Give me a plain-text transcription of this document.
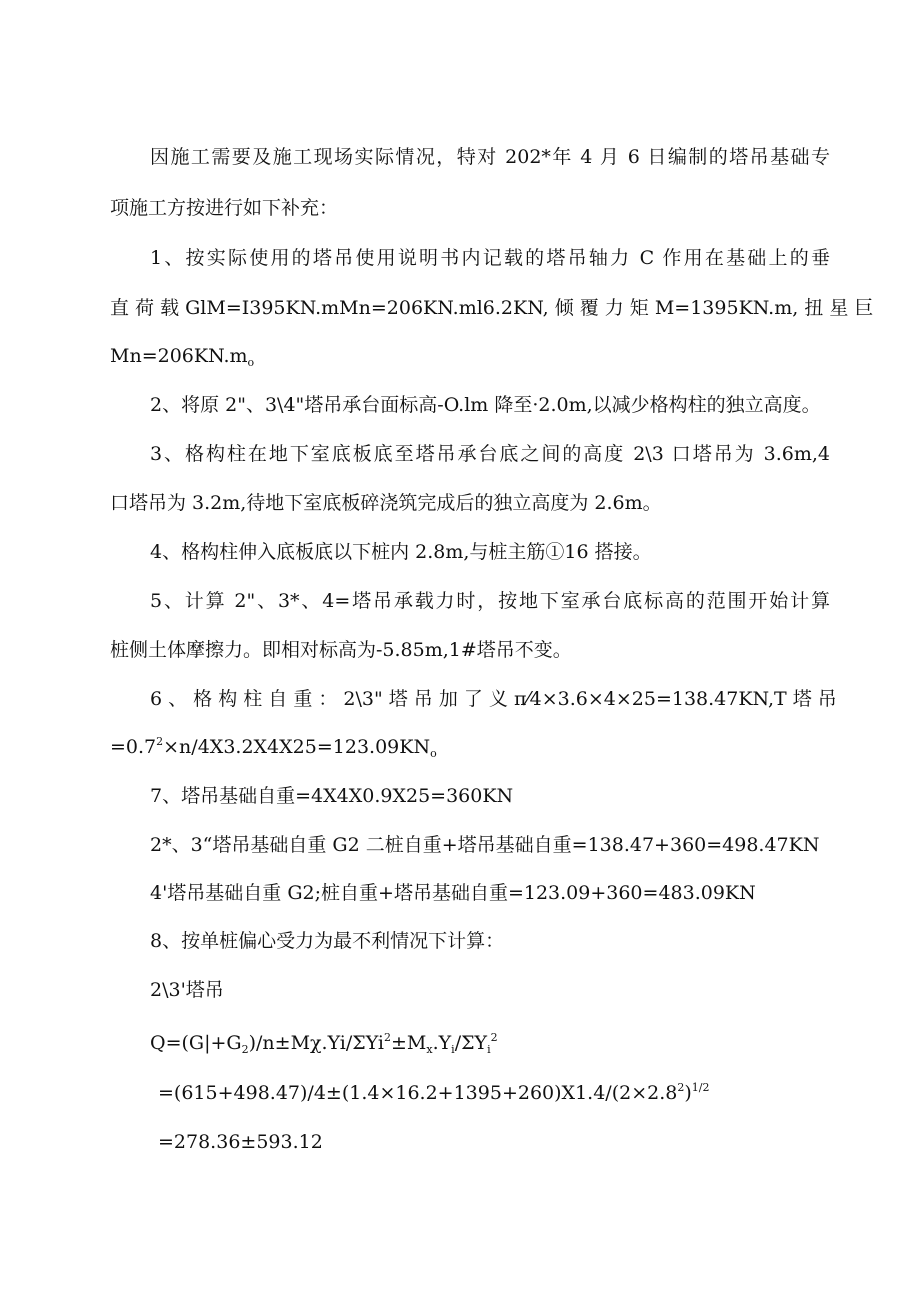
因施工需要及施工现场实际情况，特对 202*年 4 月 6 日编制的塔吊基础专

项施工方按进行如下补充：

1、按实际使用的塔吊使用说明书内记载的塔吊轴力 C 作用在基础上的垂

直 荷 载 GlM=I395KN.mMn=206KN.ml6.2KN, 倾 覆 力 矩 M=1395KN.m, 扭 星 巨

$Mn=206KN.m_o$

2、将原 2"、3\4"塔吊承台面标高-O.lm 降至·2.0m,以减少格构柱的独立高度。

3、格构柱在地下室底板底至塔吊承台底之间的高度 2\3 口塔吊为 3.6m,4

口塔吊为 3.2m,待地下室底板碎浇筑完成后的独立高度为 2.6m。

4、格构柱伸入底板底以下桩内 2.8m,与桩主筋①16 搭接。

5、计算 2"、3*、4=塔吊承载力时，按地下室承台底标高的范围开始计算

桩侧土体摩擦力。即相对标高为-5.85m,1#塔吊不变。

6 、 格 构 柱 自 重 ： 2\3" 塔 吊 加 了 义 π⁄4×3.6×4×25=138.47KN,T 塔 吊

$=0.7^2\times n/4X3.2X4X25=123.09KN_o$

7、塔吊基础自重=4X4X0.9X25=360KN

2*、3“塔吊基础自重 G2 二桩自重+塔吊基础自重=138.47+360=498.47KN

4'塔吊基础自重 G2;桩自重+塔吊基础自重=123.09+360=483.09KN

8、按单桩偏心受力为最不利情况下计算：

2\3'塔吊

$Q=(G|+G_2)/n\pm M\chi.Yi/\Sigma Yi^2\pm M_x.Y_i/\Sigma Y_i^2$

$=(615+498.47)/4\pm(1.4\times 16.2+1395+260)X1.4/(2\times 2.8^2)^{1/2}$

=278.36±593.12
